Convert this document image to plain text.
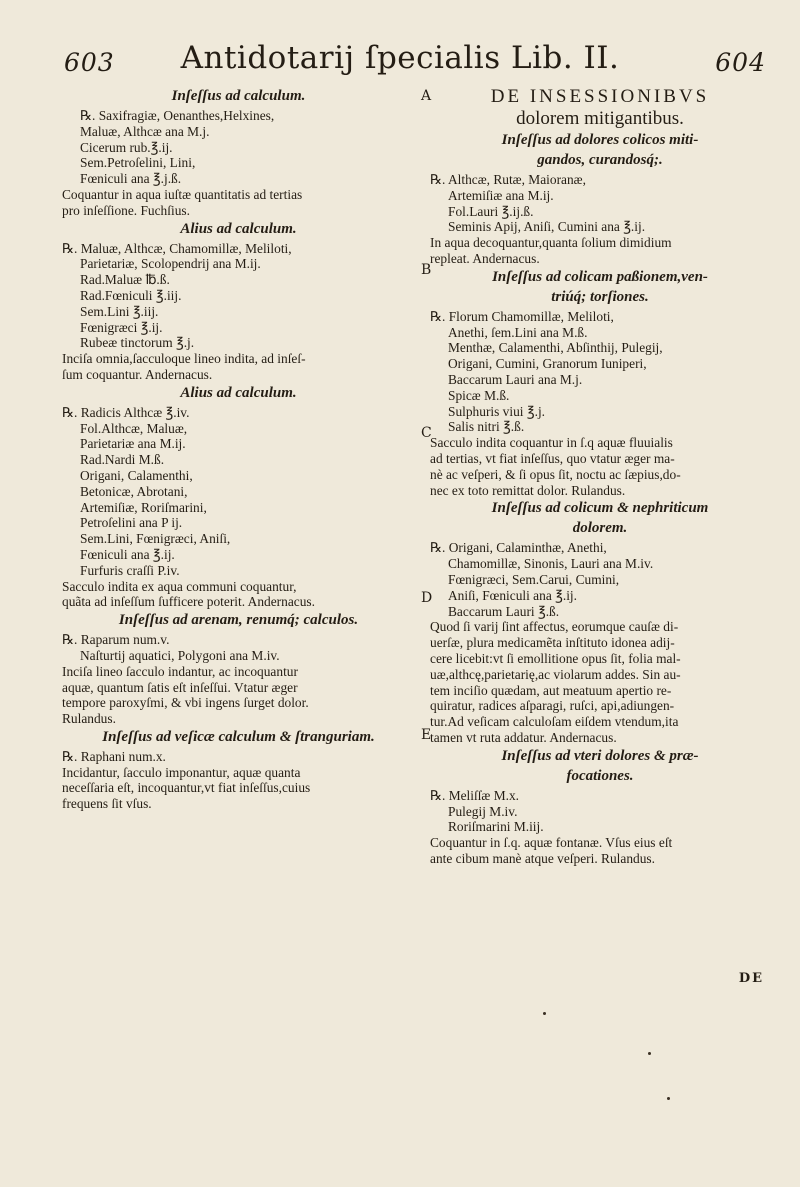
603	Antidotarij ſpecialis Lib. II.	604
A
B
C
D
E
Inſeſſus ad calculum.
℞. Saxifragiæ, Oenanthes,Helxines,
Maluæ, Althcæ ana M.j.
Cicerum rub.℥.ij.
Sem.Petroſelini, Lini,
Fœniculi ana ℥.j.ß.
Coquantur in aqua iuſtæ quantitatis ad tertias
pro inſeſſione. Fuchſius.
Alius ad calculum.
℞. Maluæ, Althcæ, Chamomillæ, Meliloti,
Parietariæ, Scolopendrij ana M.ij.
Rad.Maluæ ℔.ß.
Rad.Fœniculi ℥.iij.
Sem.Lini ℥.iij.
Fœnigræci ℥.ij.
Rubeæ tinctorum ℥.j.
Inciſa omnia,ſacculoque lineo indita, ad inſeſ-
ſum coquantur. Andernacus.
Alius ad calculum.
℞. Radicis Althcæ ℥.iv.
Fol.Althcæ, Maluæ,
Parietariæ ana M.ij.
Rad.Nardi M.ß.
Origani, Calamenthi,
Betonicæ, Abrotani,
Artemiſiæ, Roriſmarini,
Petroſelini ana P ij.
Sem.Lini, Fœnigræci, Aniſi,
Fœniculi ana ℥.ij.
Furfuris craſſi P.iv.
Sacculo indita ex aqua communi coquantur,
quãta ad inſeſſum ſufficere poterit. Andernacus.
Inſeſſus ad arenam, renumq́; calculos.
℞. Raparum num.v.
Naſturtij aquatici, Polygoni ana M.iv.
Inciſa lineo ſacculo indantur, ac incoquantur
aquæ, quantum ſatis eſt inſeſſui. Vtatur æger
tempore paroxyſmi, & vbi ingens ſurget dolor.
Rulandus.
Inſeſſus ad veſicæ calculum & ſtranguriam.
℞. Raphani num.x.
Incidantur, ſacculo imponantur, aquæ quanta
neceſſaria eſt, incoquantur,vt fiat inſeſſus,cuius
frequens ſit vſus.
DE INSESSIONIBVS
dolorem mitigantibus.
Inſeſſus ad dolores colicos miti-
gandos, curandosq́;.
℞. Althcæ, Rutæ, Maioranæ,
Artemiſiæ ana M.ij.
Fol.Lauri ℥.ij.ß.
Seminis Apij, Aniſi, Cumini ana ℥.ij.
In aqua decoquantur,quanta ſolium dimidium
repleat. Andernacus.
Inſeſſus ad colicam paßionem,ven-
triúq́; torſiones.
℞. Florum Chamomillæ, Meliloti,
Anethi, ſem.Lini ana M.ß.
Menthæ, Calamenthi, Abſinthij, Pulegij,
Origani, Cumini, Granorum Iuniperi,
Baccarum Lauri ana M.j.
Spicæ M.ß.
Sulphuris viui ℥.j.
Salis nitri ℥.ß.
Sacculo indita coquantur in ſ.q aquæ fluuialis
ad tertias, vt fiat inſeſſus, quo vtatur æger ma-
nè ac veſperi, & ſi opus ſit, noctu ac ſæpius,do-
nec ex toto remittat dolor. Rulandus.
Inſeſſus ad colicum & nephriticum
dolorem.
℞. Origani, Calaminthæ, Anethi,
Chamomillæ, Sinonis, Lauri ana M.iv.
Fœnigræci, Sem.Carui, Cumini,
Aniſi, Fœniculi ana ℥.ij.
Baccarum Lauri ℥.ß.
Quod ſi varij ſint affectus, eorumque cauſæ di-
uerſæ, plura medicamẽta inſtituto idonea adij-
cere licebit:vt ſi emollitione opus ſit, folia mal-
uæ,althcę,parietarię,ac violarum addes. Sin au-
tem inciſio quædam, aut meatuum apertio re-
quiratur, radices aſparagi, ruſci, api,adiungen-
tur.Ad veſicam calculoſam eiſdem vtendum,ita
tamen vt ruta addatur. Andernacus.
Inſeſſus ad vteri dolores & præ-
focationes.
℞. Meliſſæ M.x.
Pulegij M.iv.
Roriſmarini M.iij.
Coquantur in ſ.q. aquæ fontanæ. Vſus eius eſt
ante cibum manè atque veſperi. Rulandus.
DE
